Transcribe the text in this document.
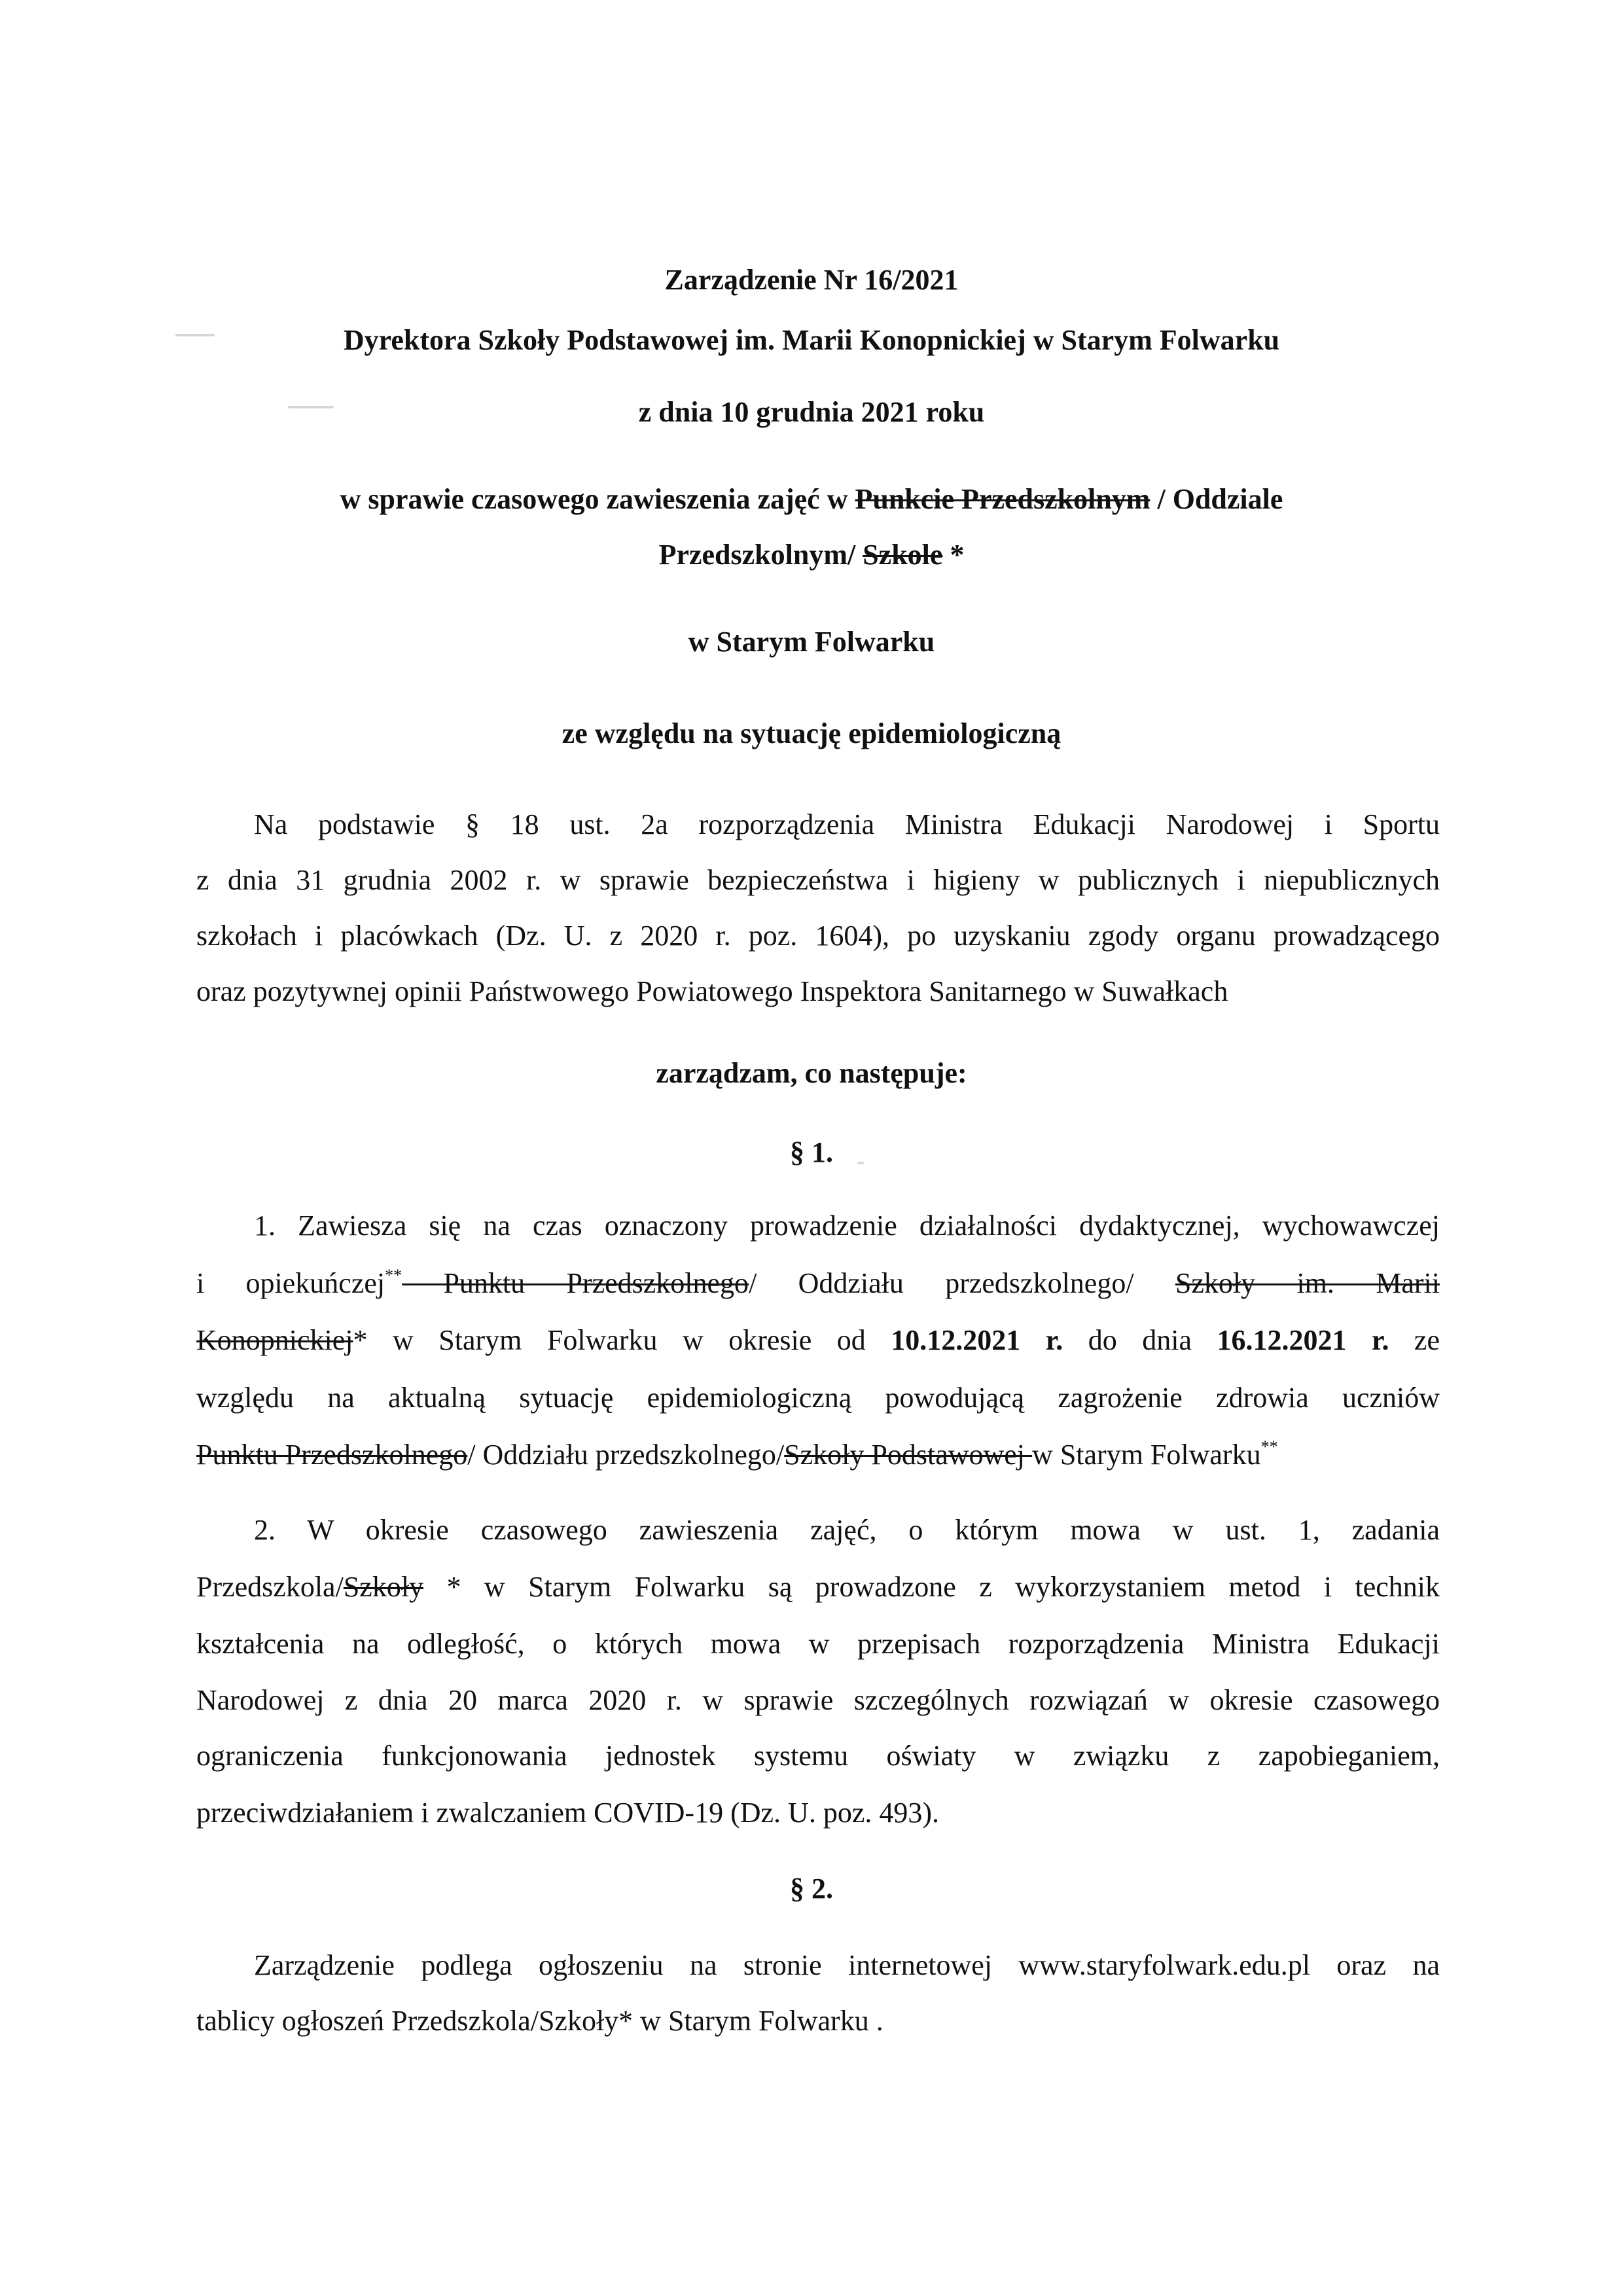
Zarządzenie Nr 16/2021
Dyrektora Szkoły Podstawowej im. Marii Konopnickiej w Starym Folwarku
z dnia 10 grudnia 2021 roku
w sprawie czasowego zawieszenia zajęć w Punkcie Przedszkolnym / Oddziale
Przedszkolnym/ Szkole *
w Starym Folwarku
ze względu na sytuację epidemiologiczną
Na podstawie § 18 ust. 2a rozporządzenia Ministra Edukacji Narodowej i Sportu
z dnia 31 grudnia 2002 r. w sprawie bezpieczeństwa i higieny w publicznych i niepublicznych
szkołach i placówkach (Dz. U. z 2020 r. poz. 1604), po uzyskaniu zgody organu prowadzącego
oraz pozytywnej opinii Państwowego Powiatowego Inspektora Sanitarnego w Suwałkach
zarządzam, co następuje:
§ 1.
1. Zawiesza się na czas oznaczony prowadzenie działalności dydaktycznej, wychowawczej
i opiekuńczej** Punktu Przedszkolnego/ Oddziału przedszkolnego/ Szkoły im. Marii
Konopnickiej* w Starym Folwarku w okresie od 10.12.2021 r. do dnia 16.12.2021 r. ze
względu na aktualną sytuację epidemiologiczną powodującą zagrożenie zdrowia uczniów
Punktu Przedszkolnego/ Oddziału przedszkolnego/Szkoły Podstawowej w Starym Folwarku**
2. W okresie czasowego zawieszenia zajęć, o którym mowa w ust. 1, zadania
Przedszkola/Szkoły * w Starym Folwarku są prowadzone z wykorzystaniem metod i technik
kształcenia na odległość, o których mowa w przepisach rozporządzenia Ministra Edukacji
Narodowej z dnia 20 marca 2020 r. w sprawie szczególnych rozwiązań w okresie czasowego
ograniczenia funkcjonowania jednostek systemu oświaty w związku z zapobieganiem,
przeciwdziałaniem i zwalczaniem COVID-19 (Dz. U. poz. 493).
§ 2.
Zarządzenie podlega ogłoszeniu na stronie internetowej www.staryfolwark.edu.pl oraz na
tablicy ogłoszeń Przedszkola/Szkoły* w Starym Folwarku .
